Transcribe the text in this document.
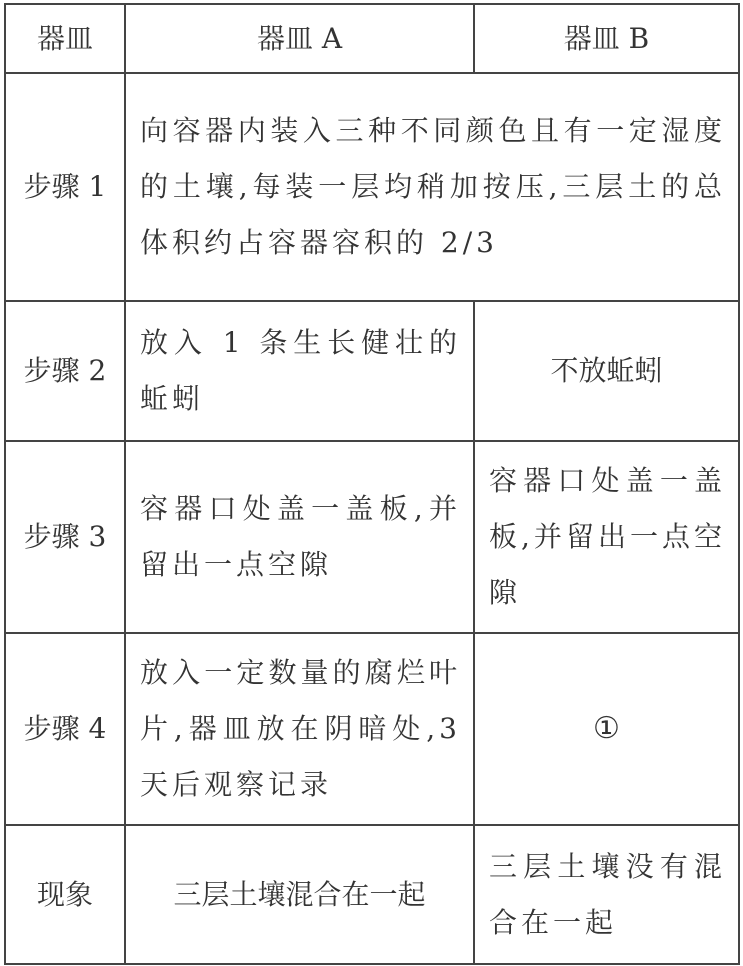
器皿	器皿 A	器皿 B
步骤 1	向容器内装入三种不同颜色且有一定湿度的土壤,每装一层均稍加按压,三层土的总体积约占容器容积的 2/3	
步骤 2	放入 1 条生长健壮的蚯蚓	不放蚯蚓
步骤 3	容器口处盖一盖板,并留出一点空隙	容器口处盖一盖板,并留出一点空隙
步骤 4	放入一定数量的腐烂叶片,器皿放在阴暗处,3 天后观察记录	①
现象	三层土壤混合在一起	三层土壤没有混合在一起
